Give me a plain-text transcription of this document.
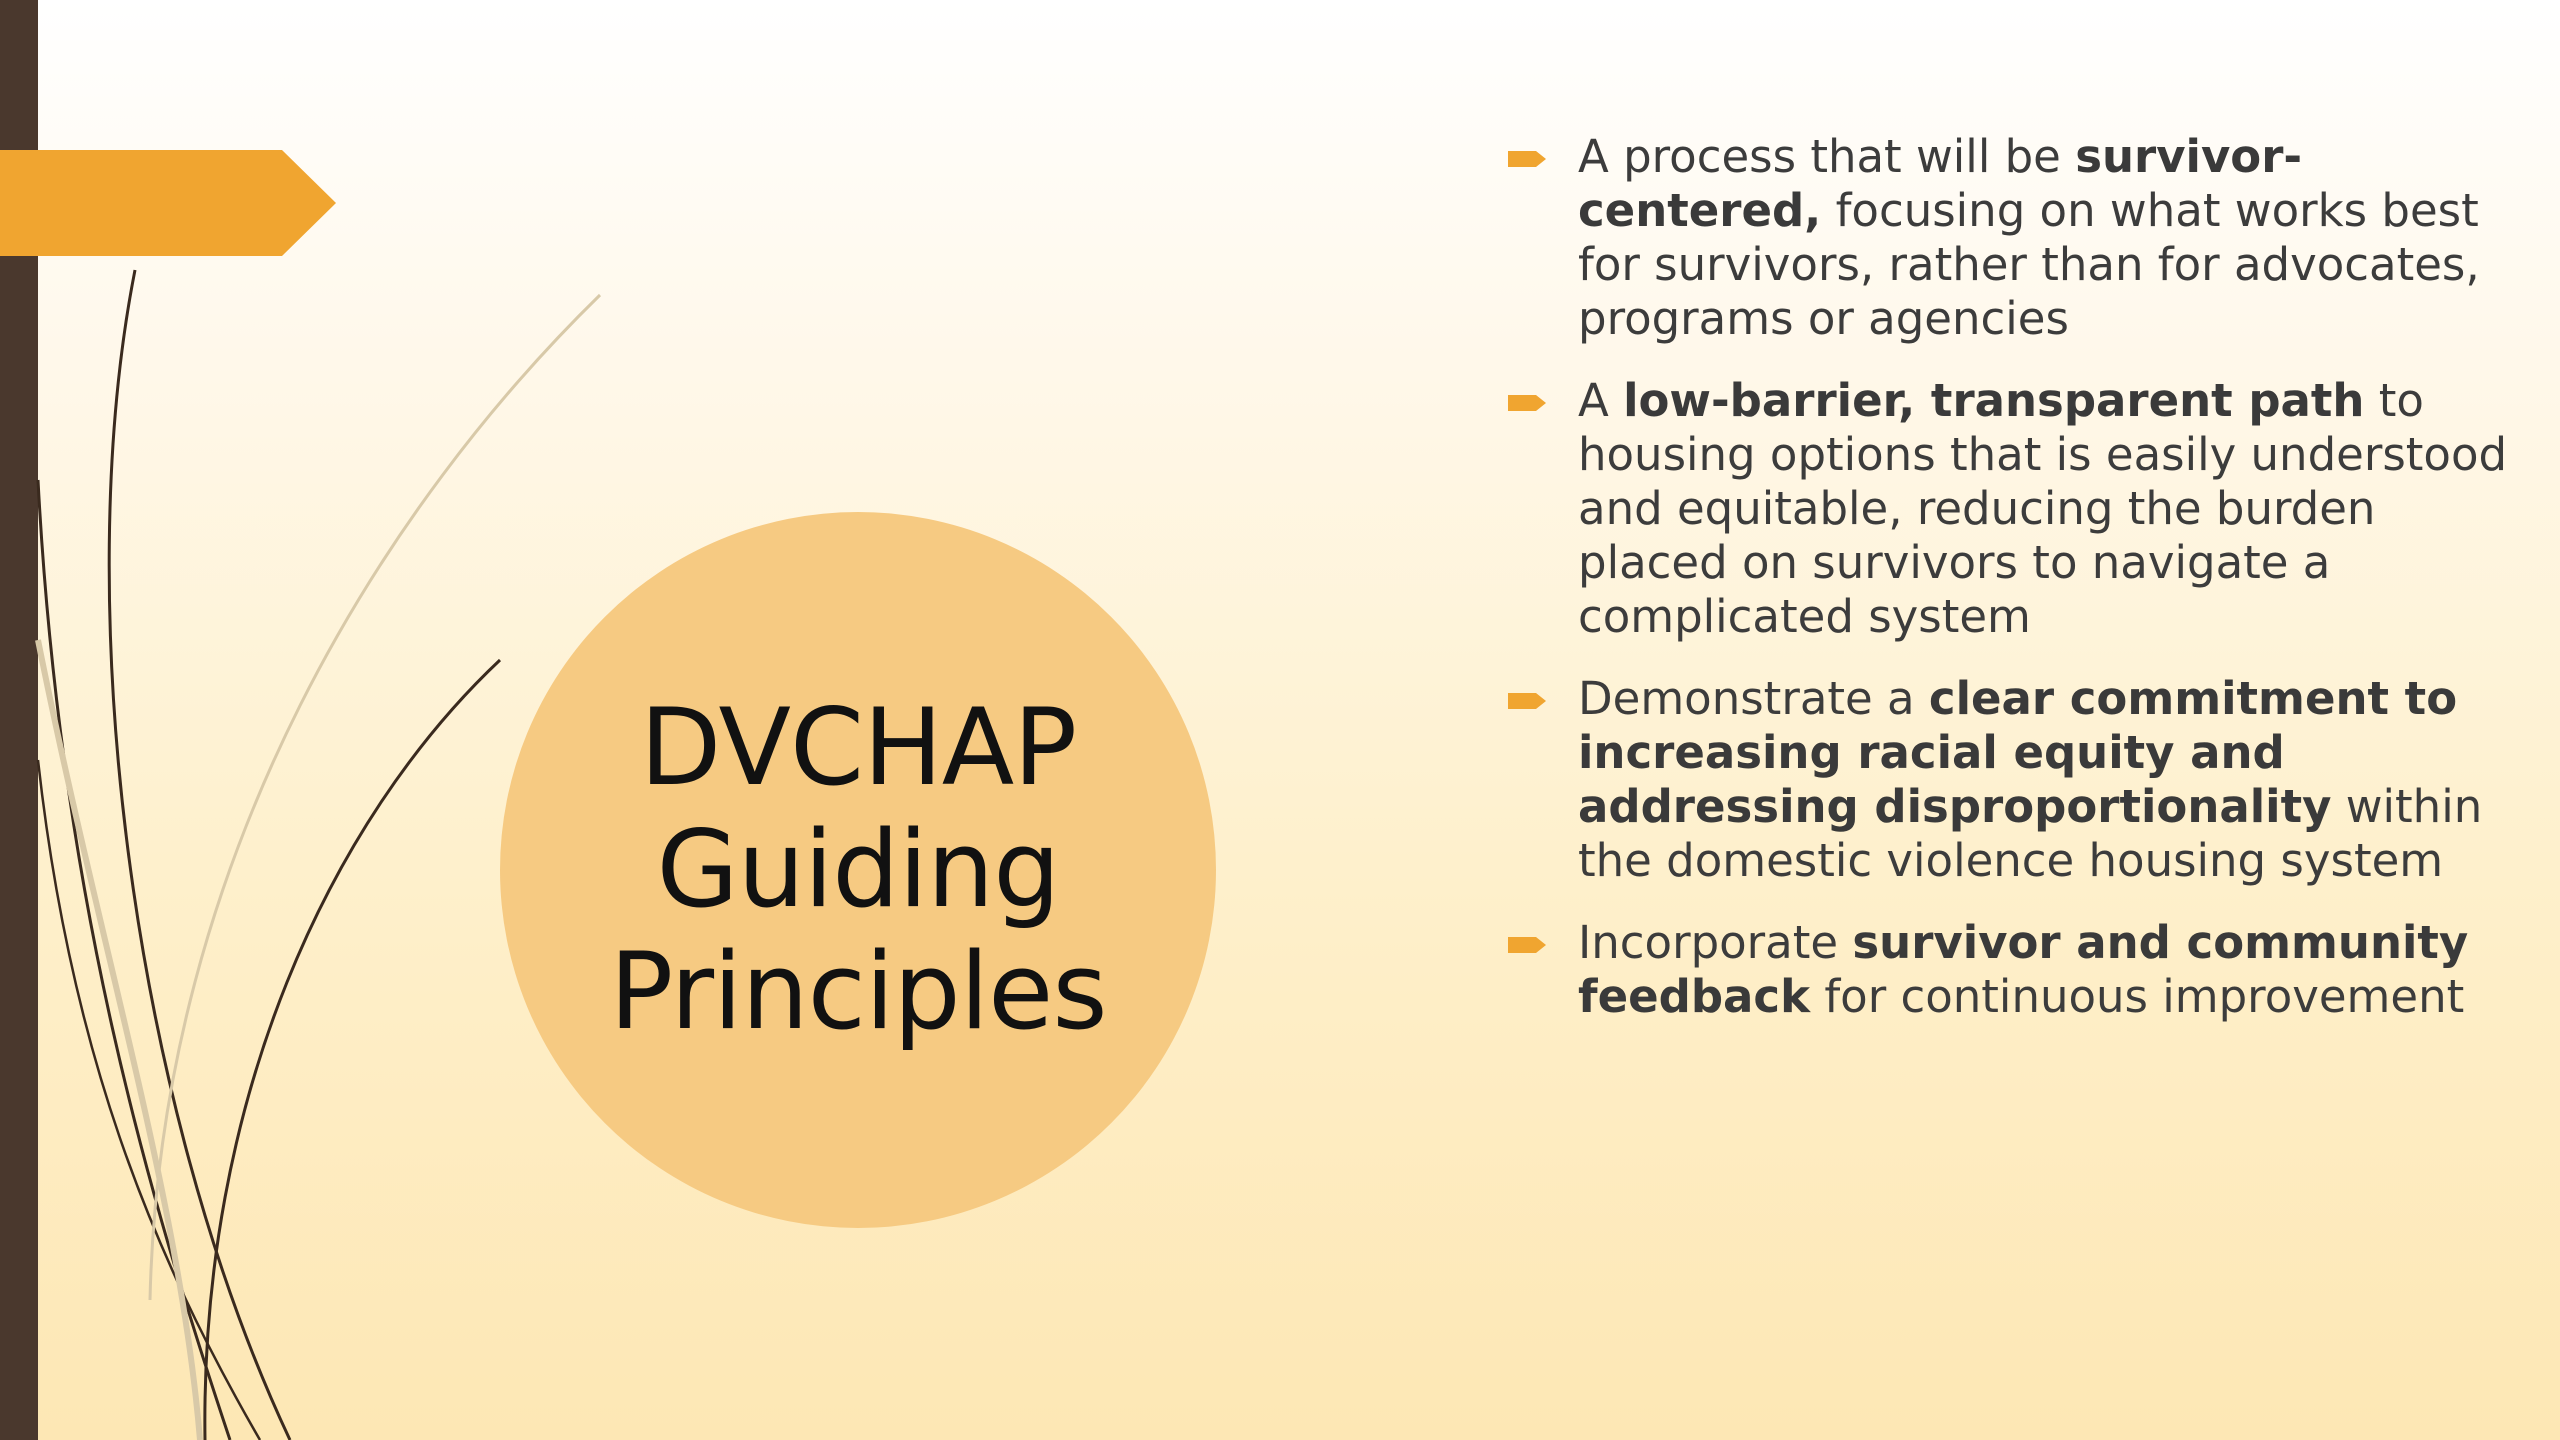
DVCHAP
Guiding
Principles
A process that will be survivor-centered, focusing on what works best for survivors, rather than for advocates, programs or agencies
A low-barrier, transparent path to housing options that is easily understood and equitable, reducing the burden placed on survivors to navigate a complicated system
Demonstrate a clear commitment to increasing racial equity and addressing disproportionality within the domestic violence housing system
Incorporate survivor and community feedback for continuous improvement
